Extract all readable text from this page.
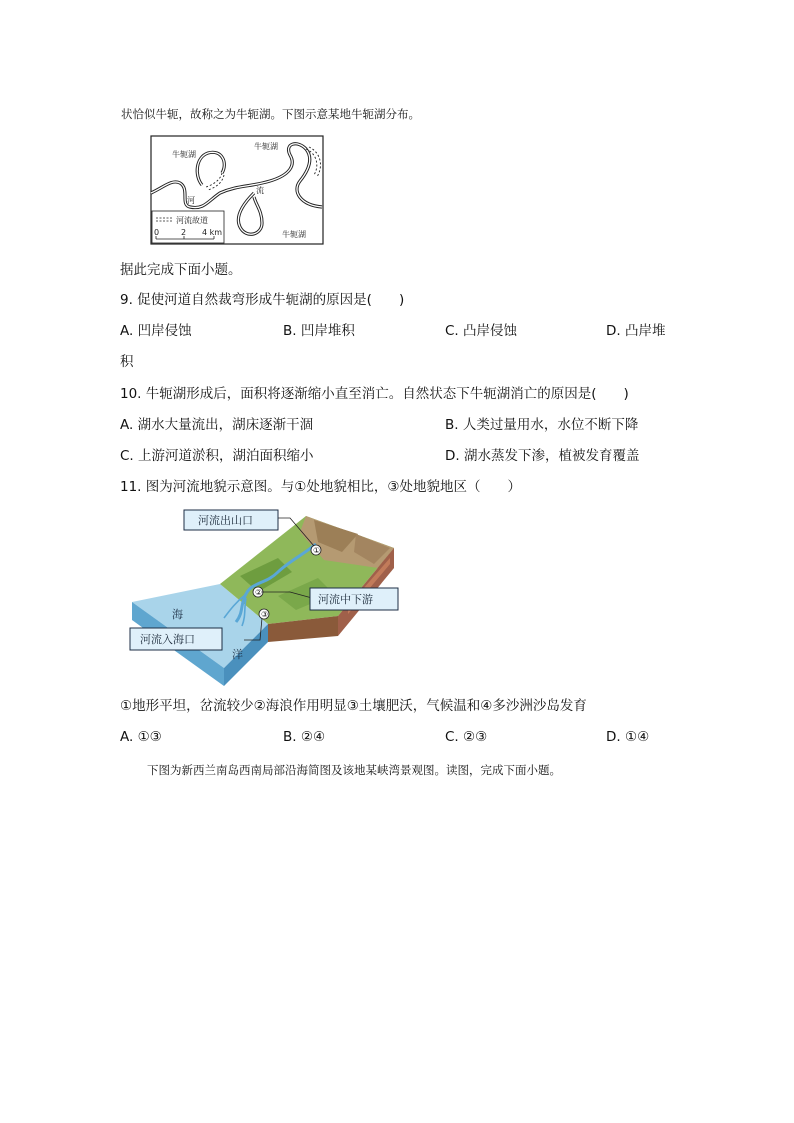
状恰似牛轭，故称之为牛轭湖。下图示意某地牛轭湖分布。
牛轭湖
牛轭湖
牛轭湖
河
流
河流故道
0	2 4 km
据此完成下面小题。
9. 促使河道自然裁弯形成牛轭湖的原因是(　　)
A. 凹岸侵蚀	B. 凹岸堆积	C. 凸岸侵蚀	D. 凸岸堆
积
10. 牛轭湖形成后，面积将逐渐缩小直至消亡。自然状态下牛轭湖消亡的原因是(　　)
A. 湖水大量流出，湖床逐渐干涸	B. 人类过量用水，水位不断下降
C. 上游河道淤积，湖泊面积缩小	D. 湖水蒸发下渗，植被发育覆盖
11. 图为河流地貌示意图。与①处地貌相比，③处地貌地区（　　）
①
②
③
河流出山口
河流中下游
河流入海口
海
洋
①地形平坦，岔流较少②海浪作用明显③土壤肥沃，气候温和④多沙洲沙岛发育
A. ①③	B. ②④	C. ②③	D. ①④
下图为新西兰南岛西南局部沿海简图及该地某峡湾景观图。读图，完成下面小题。
